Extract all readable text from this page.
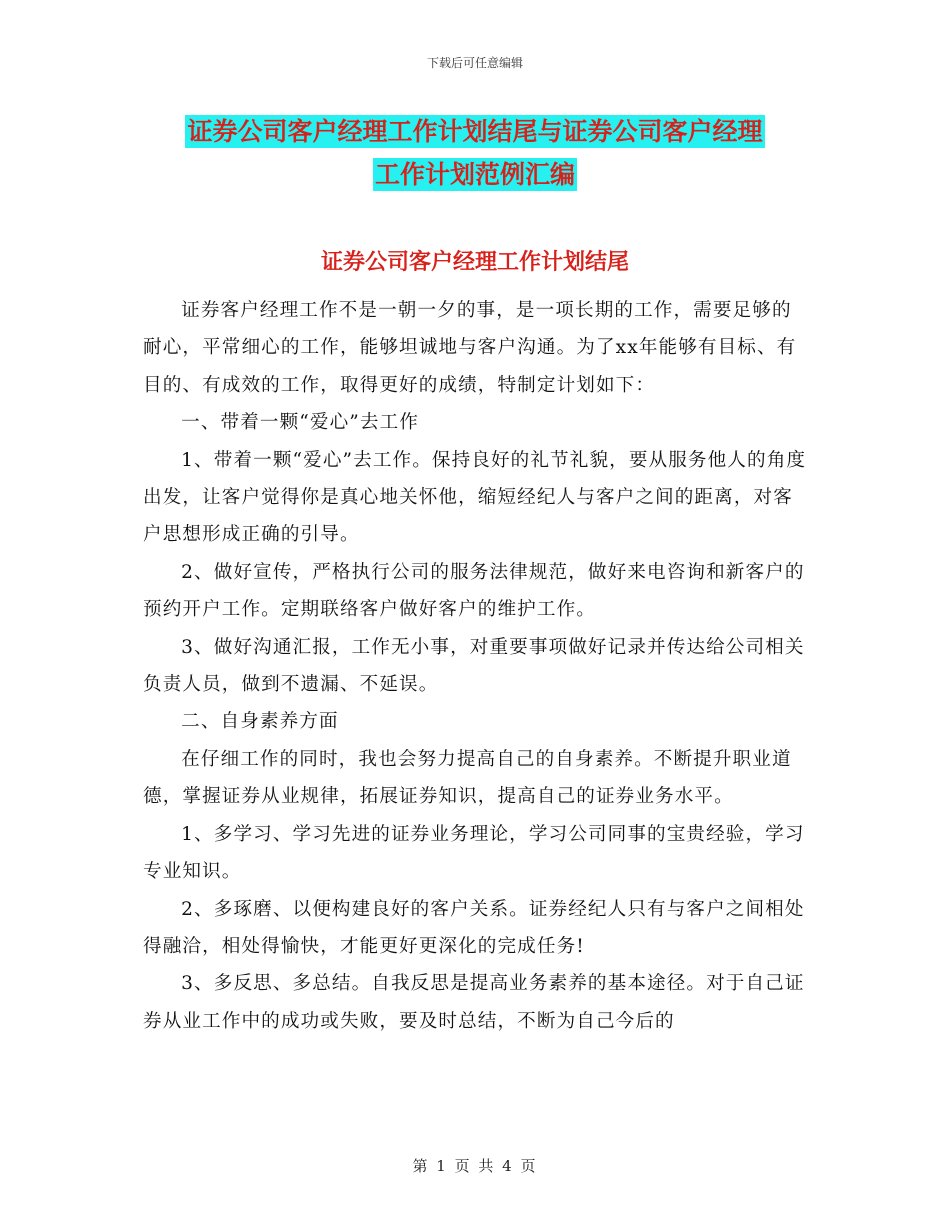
下载后可任意编辑
证券公司客户经理工作计划结尾与证券公司客户经理
工作计划范例汇编
证券公司客户经理工作计划结尾

证券客户经理工作不是一朝一夕的事，是一项长期的工作，需要足够的耐心，平常细心的工作，能够坦诚地与客户沟通。为了xx年能够有目标、有目的、有成效的工作，取得更好的成绩，特制定计划如下：

一、带着一颗“爱心”去工作

1、带着一颗“爱心”去工作。保持良好的礼节礼貌，要从服务他人的角度出发，让客户觉得你是真心地关怀他，缩短经纪人与客户之间的距离，对客户思想形成正确的引导。

2、做好宣传，严格执行公司的服务法律规范，做好来电咨询和新客户的预约开户工作。定期联络客户做好客户的维护工作。

3、做好沟通汇报，工作无小事，对重要事项做好记录并传达给公司相关负责人员，做到不遗漏、不延误。

二、自身素养方面

在仔细工作的同时，我也会努力提高自己的自身素养。不断提升职业道德，掌握证券从业规律，拓展证券知识，提高自己的证券业务水平。

1、多学习、学习先进的证券业务理论，学习公司同事的宝贵经验，学习专业知识。

2、多琢磨、以便构建良好的客户关系。证券经纪人只有与客户之间相处得融洽，相处得愉快，才能更好更深化的完成任务!

3、多反思、多总结。自我反思是提高业务素养的基本途径。对于自己证券从业工作中的成功或失败，要及时总结，不断为自己今后的

第 1 页 共 4 页
